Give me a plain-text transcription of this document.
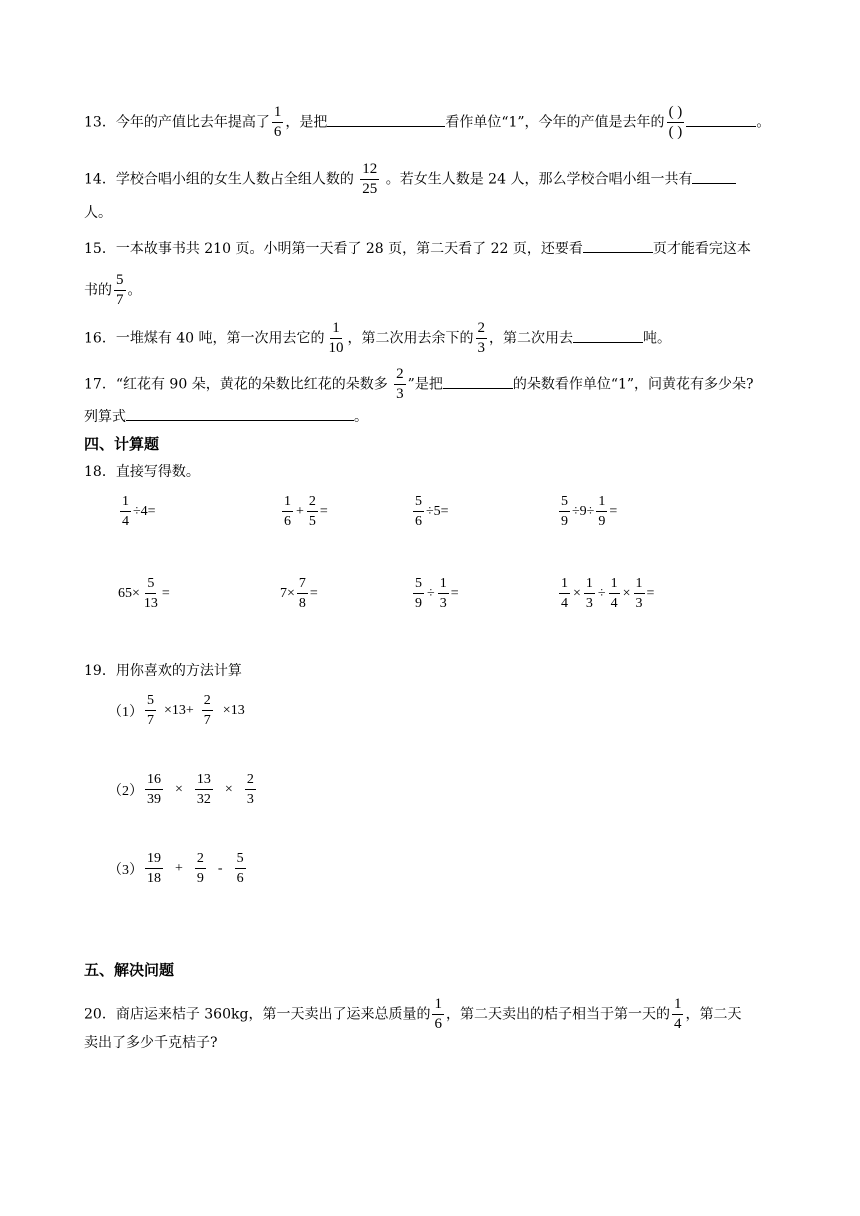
13．今年的产值比去年提高了 $\frac{1}{6}$ ，是把	看作单位“1”，今年的产值是去年的 $\frac{( )}{( )}$	。
14．学校合唱小组的女生人数占全组人数的 $\frac{12}{25}$ 。若女生人数是 24 人，那么学校合唱小组一共有
人。
15．一本故事书共 210 页。小明第一天看了 28 页，第二天看了 22 页，还要看	页才能看完这本
书的 $\frac{5}{7}$ 。
16．一堆煤有 40 吨，第一次用去它的 $\frac{1}{10}$ ，第二次用去余下的 $\frac{2}{3}$ ，第二次用去	吨。
17．“红花有 90 朵，黄花的朵数比红花的朵数多 $\frac{2}{3}$ ”是把	的朵数看作单位“1”，问黄花有多少朵?
列算式	。
四、计算题
18．直接写得数。
$\frac{1}{4} \div 4=$	$\frac{1}{6} + \frac{2}{5}$ =	$\frac{5}{6} \div 5=$	$\frac{5}{9} \div 9\div \frac{1}{9}$ =
$65\times \frac{5}{13}$ =	$7\times \frac{7}{8}$ =	$\frac{5}{9} \div \frac{1}{3}$ =	$\frac{1}{4} \times \frac{1}{3} \div \frac{1}{4} \times \frac{1}{3}$ =
19．用你喜欢的方法计算
$(1) \frac{5}{7} \times 13+ \frac{2}{7} \times 13$
$(2) \frac{16}{39} \times \frac{13}{32} \times \frac{2}{3}$
$(3) \frac{19}{18} + \frac{2}{9} - \frac{5}{6}$
五、解决问题
20．商店运来桔子 360kg，第一天卖出了运来总质量的 $\frac{1}{6}$ ，第二天卖出的桔子相当于第一天的 $\frac{1}{4}$ ，第二天
卖出了多少千克桔子?
